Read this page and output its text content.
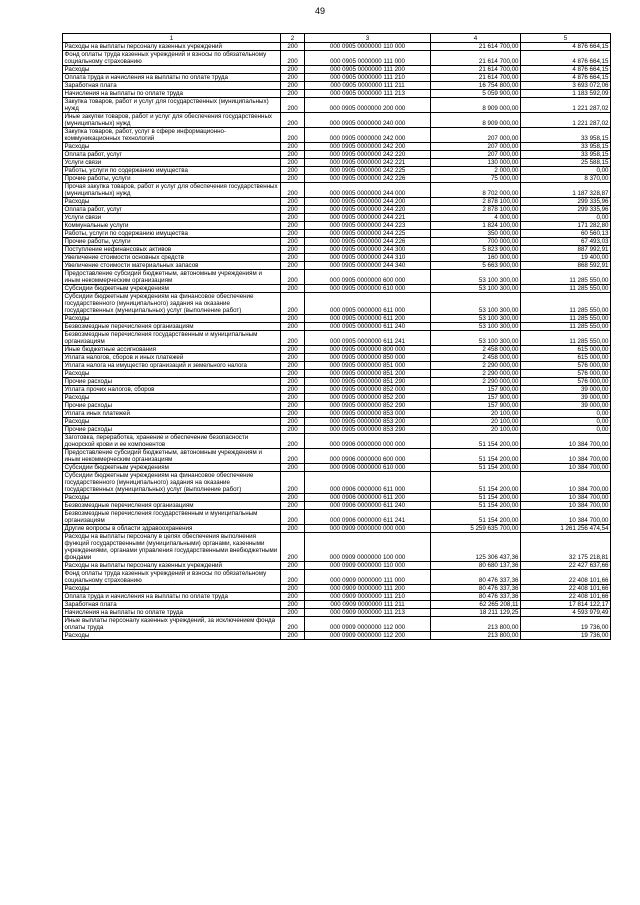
49
1	2	3	4	5
Расходы на выплаты персоналу казенных учреждений	200	000 0905 0000000 110 000	21 614 700,00	4 876 664,15
Фонд оплаты труда казенных учреждений и взносы по обязательному социальному страхованию	200	000 0905 0000000 111 000	21 614 700,00	4 876 664,15
Расходы	200	000 0905 0000000 111 200	21 614 700,00	4 876 664,15
Оплата труда и начисления на выплаты по оплате труда	200	000 0905 0000000 111 210	21 614 700,00	4 876 664,15
Заработная плата	200	000 0905 0000000 111 211	16 754 800,00	3 693 072,06
Начисления на выплаты по оплате труда	200	000 0905 0000000 111 213	5 059 900,00	1 183 592,09
Закупка товаров, работ и услуг для государственных (муниципальных) нужд	200	000 0905 0000000 200 000	8 909 000,00	1 221 287,02
Иные закупки товаров, работ и услуг для обеспечения государственных (муниципальных) нужд	200	000 0905 0000000 240 000	8 909 000,00	1 221 287,02
Закупка товаров, работ, услуг в сфере информационно-коммуникационных технологий	200	000 0905 0000000 242 000	207 000,00	33 958,15
Расходы	200	000 0905 0000000 242 200	207 000,00	33 958,15
Оплата работ, услуг	200	000 0905 0000000 242 220	207 000,00	33 958,15
Услуги связи	200	000 0905 0000000 242 221	130 000,00	25 588,15
Работы, услуги по содержанию имущества	200	000 0905 0000000 242 225	2 000,00	0,00
Прочие работы, услуги	200	000 0905 0000000 242 226	75 000,00	8 370,00
Прочая закупка товаров, работ и услуг для обеспечения государственных (муниципальных) нужд	200	000 0905 0000000 244 000	8 702 000,00	1 187 328,87
Расходы	200	000 0905 0000000 244 200	2 878 100,00	299 335,96
Оплата работ, услуг	200	000 0905 0000000 244 220	2 878 100,00	299 335,96
Услуги связи	200	000 0905 0000000 244 221	4 000,00	0,00
Коммунальные услуги	200	000 0905 0000000 244 223	1 824 100,00	171 282,80
Работы, услуги по содержанию имущества	200	000 0905 0000000 244 225	350 000,00	60 560,13
Прочие работы, услуги	200	000 0905 0000000 244 226	700 000,00	67 493,03
Поступление нефинансовых активов	200	000 0905 0000000 244 300	5 823 900,00	887 992,91
Увеличение стоимости основных средств	200	000 0905 0000000 244 310	160 000,00	19 400,00
Увеличение стоимости материальных запасов	200	000 0905 0000000 244 340	5 663 900,00	868 592,91
Предоставление субсидий бюджетным, автономным учреждениям и иным некоммерческим организациям	200	000 0905 0000000 600 000	53 100 300,00	11 285 550,00
Субсидии бюджетным учреждениям	200	000 0905 0000000 610 000	53 100 300,00	11 285 550,00
Субсидии бюджетным учреждениям на финансовое обеспечение государственного (муниципального) задания на оказание государственных (муниципальных) услуг (выполнение работ)	200	000 0905 0000000 611 000	53 100 300,00	11 285 550,00
Расходы	200	000 0905 0000000 611 200	53 100 300,00	11 285 550,00
Безвозмездные перечисления организациям	200	000 0905 0000000 611 240	53 100 300,00	11 285 550,00
Безвозмездные перечисления государственным и муниципальным организациям	200	000 0905 0000000 611 241	53 100 300,00	11 285 550,00
Иные бюджетные ассигнования	200	000 0905 0000000 800 000	2 458 000,00	615 000,00
Уплата налогов, сборов и иных платежей	200	000 0905 0000000 850 000	2 458 000,00	615 000,00
Уплата налога на имущество организаций и земельного налога	200	000 0905 0000000 851 000	2 290 000,00	576 000,00
Расходы	200	000 0905 0000000 851 200	2 290 000,00	576 000,00
Прочие расходы	200	000 0905 0000000 851 290	2 290 000,00	576 000,00
Уплата прочих налогов, сборов	200	000 0905 0000000 852 000	157 900,00	39 000,00
Расходы	200	000 0905 0000000 852 200	157 900,00	39 000,00
Прочие расходы	200	000 0905 0000000 852 290	157 900,00	39 000,00
Уплата иных платежей	200	000 0905 0000000 853 000	20 100,00	0,00
Расходы	200	000 0905 0000000 853 200	20 100,00	0,00
Прочие расходы	200	000 0905 0000000 853 290	20 100,00	0,00
Заготовка, переработка, хранение и обеспечение безопасности донорской крови и ее компонентов	200	000 0906 0000000 000 000	51 154 200,00	10 384 700,00
Предоставление субсидий бюджетным, автономным учреждениям и иным некоммерческим организациям	200	000 0906 0000000 600 000	51 154 200,00	10 384 700,00
Субсидии бюджетным учреждениям	200	000 0906 0000000 610 000	51 154 200,00	10 384 700,00
Субсидии бюджетным учреждениям на финансовое обеспечение государственного (муниципального) задания на оказание государственных (муниципальных) услуг (выполнение работ)	200	000 0906 0000000 611 000	51 154 200,00	10 384 700,00
Расходы	200	000 0906 0000000 611 200	51 154 200,00	10 384 700,00
Безвозмездные перечисления организациям	200	000 0906 0000000 611 240	51 154 200,00	10 384 700,00
Безвозмездные перечисления государственным и муниципальным организациям	200	000 0906 0000000 611 241	51 154 200,00	10 384 700,00
Другие вопросы в области здравоохранения	200	000 0909 0000000 000 000	5 259 635 700,00	1 261 256 474,54
Расходы на выплаты персоналу в целях обеспечения выполнения функций государственными (муниципальными) органами, казенными учреждениями, органами управления государственными внебюджетными фондами	200	000 0909 0000000 100 000	125 306 437,36	32 175 218,81
Расходы на выплаты персоналу казенных учреждений	200	000 0909 0000000 110 000	80 680 137,36	22 427 637,66
Фонд оплаты труда казенных учреждений и взносы по обязательному социальному страхованию	200	000 0909 0000000 111 000	80 476 337,36	22 408 101,66
Расходы	200	000 0909 0000000 111 200	80 476 337,36	22 408 101,66
Оплата труда и начисления на выплаты по оплате труда	200	000 0909 0000000 111 210	80 476 337,36	22 408 101,66
Заработная плата	200	000 0909 0000000 111 211	62 265 208,11	17 814 122,17
Начисления на выплаты по оплате труда	200	000 0909 0000000 111 213	18 211 129,25	4 593 979,49
Иные выплаты персоналу казенных учреждений, за исключением фонда оплаты труда	200	000 0909 0000000 112 000	213 800,00	19 736,00
Расходы	200	000 0909 0000000 112 200	213 800,00	19 736,00
